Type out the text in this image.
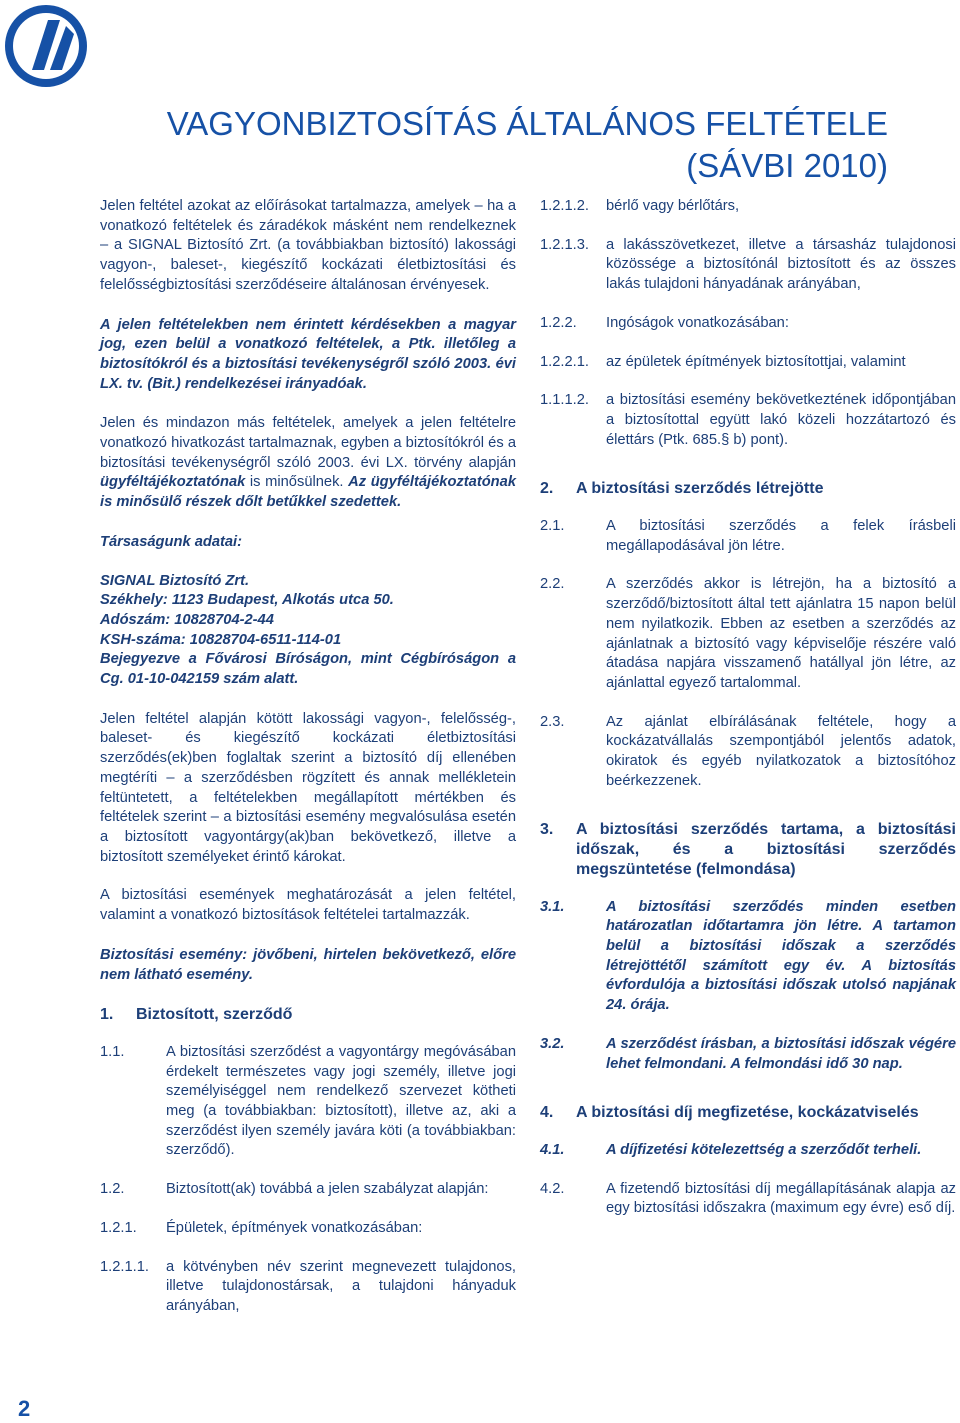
VAGYONBIZTOSÍTÁS ÁLTALÁNOS FELTÉTELE
(SÁVBI 2010)

Jelen feltétel azokat az előírásokat tartalmazza, amelyek – ha a vonatkozó feltételek és záradékok másként nem rendelkeznek – a SIGNAL Biztosító Zrt. (a továbbiakban biztosító) lakossági vagyon-, baleset-, kiegészítő kockázati életbiztosítási és felelősségbiztosítási szerződéseire általánosan érvényesek.

A jelen feltételekben nem érintett kérdésekben a magyar jog, ezen belül a vonatkozó feltételek, a Ptk. illetőleg a biztosítókról és a biztosítási tevékenységről szóló 2003. évi LX. tv. (Bit.) rendelkezései irányadóak.

Jelen és mindazon más feltételek, amelyek a jelen feltételre vonatkozó hivatkozást tartalmaznak, egyben a biztosítókról és a biztosítási tevékenységről szóló 2003. évi LX. törvény alapján ügyféltájékoztatónak is minősülnek. Az ügyféltájékoztatónak is minősülő részek dőlt betűkkel szedettek.

Társaságunk adatai:

SIGNAL Biztosító Zrt.

Székhely: 1123 Budapest, Alkotás utca 50.

Adószám: 10828704-2-44

KSH-száma: 10828704-6511-114-01

Bejegyezve a Fővárosi Bíróságon, mint Cégbíróságon a Cg. 01-10-042159 szám alatt.

Jelen feltétel alapján kötött lakossági vagyon-, felelősség-, baleset- és kiegészítő kockázati életbiztosítási szerződés(ek)ben foglaltak szerint a biztosító díj ellenében megtéríti – a szerződésben rögzített és annak mellékletein feltüntetett, a feltételekben megállapított mértékben és feltételek szerint – a biztosítási esemény megvalósulása esetén a biztosított vagyontárgy(ak)ban bekövetkező, illetve a biztosított személyeket érintő károkat.

A biztosítási események meghatározását a jelen feltétel, valamint a vonatkozó biztosítások feltételei tartalmazzák.

Biztosítási esemény: jövőbeni, hirtelen bekövetkező, előre nem látható esemény.

1.	Biztosított, szerződő
1.1.	A biztosítási szerződést a vagyontárgy megóvásában érdekelt természetes vagy jogi személy, illetve jogi személyiséggel nem rendelkező szervezet kötheti meg (a továbbiakban: biztosított), illetve az, aki a szerződést ilyen személy javára köti (a továbbiakban: szerződő).
1.2.	Biztosított(ak) továbbá a jelen szabályzat alapján:
1.2.1.	Épületek, építmények vonatkozásában:
1.2.1.1.	a kötvényben név szerint megnevezett tulajdonos, illetve tulajdonostársak, a tulajdoni hányaduk arányában,
1.2.1.2.	bérlő vagy bérlőtárs,
1.2.1.3.	a lakásszövetkezet, illetve a társasház tulajdonosi közössége a biztosítónál biztosított és az összes lakás tulajdoni hányadának arányában,
1.2.2.	Ingóságok vonatkozásában:
1.2.2.1.	az épületek építmények biztosítottjai, valamint
1.1.1.2.	a biztosítási esemény bekövetkeztének időpontjában a biztosítottal együtt lakó közeli hozzátartozó és élettárs (Ptk. 685.§ b) pont).
2.	A biztosítási szerződés létrejötte
2.1.	A biztosítási szerződés a felek írásbeli megállapodásával jön létre.
2.2.	A szerződés akkor is létrejön, ha a biztosító a szerződő/biztosított által tett ajánlatra 15 napon belül nem nyilatkozik. Ebben az esetben a szerződés az ajánlatnak a biztosító vagy képviselője részére való átadása napjára visszamenő hatállyal jön létre, az ajánlattal egyező tartalommal.
2.3.	Az ajánlat elbírálásának feltétele, hogy a kockázatvállalás szempontjából jelentős adatok, okiratok és egyéb nyilatkozatok a biztosítóhoz beérkezzenek.
3.	A biztosítási szerződés tartama, a biztosítási időszak, és a biztosítási szerződés megszüntetése (felmondása)
3.1.	A biztosítási szerződés minden esetben határozatlan időtartamra jön létre. A tartamon belül a biztosítási időszak a szerződés létrejöttétől számított egy év. A biztosítás évfordulója a biztosítási időszak utolsó napjának 24. órája.
3.2.	A szerződést írásban, a biztosítási időszak végére lehet felmondani. A felmondási idő 30 nap.
4.	A biztosítási díj megfizetése, kockázatviselés
4.1.	A díjfizetési kötelezettség a szerződőt terheli.
4.2.	A fizetendő biztosítási díj megállapításának alapja az egy biztosítási időszakra (maximum egy évre) eső díj.
2
